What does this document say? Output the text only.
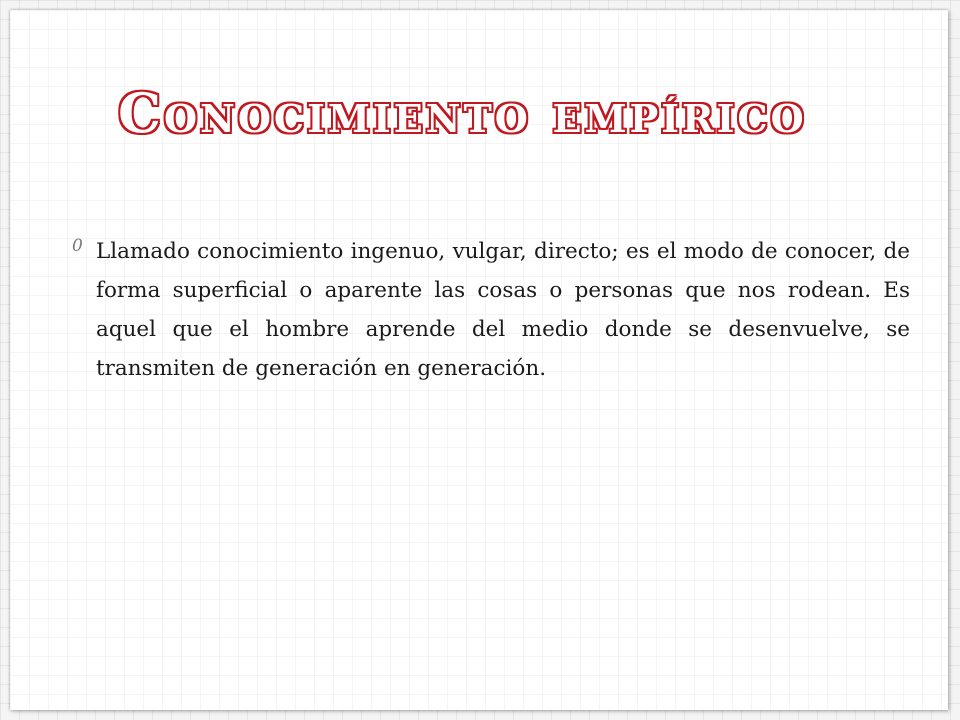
Conocimiento empírico
0 Llamado conocimiento ingenuo, vulgar, directo; es el modo de conocer, de forma superficial o aparente las cosas o personas que nos rodean. Es aquel que el hombre aprende del medio donde se desenvuelve, se transmiten de generación en generación.
